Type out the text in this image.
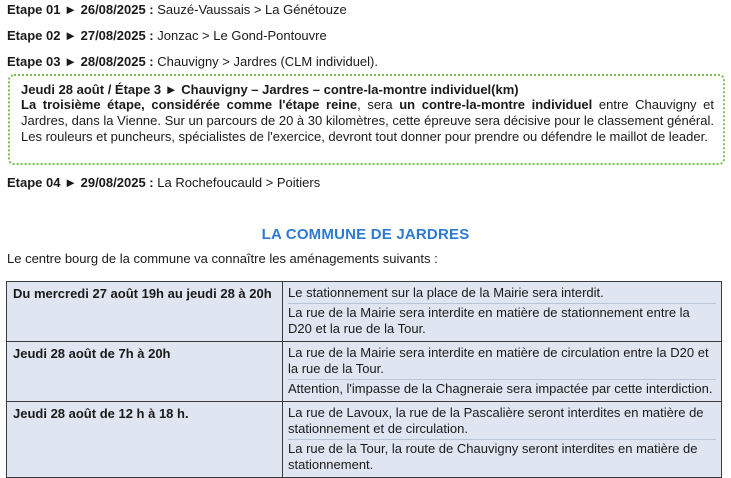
Etape 01 ► 26/08/2025 : Sauzé-Vaussais > La Génétouze
Etape 02 ► 27/08/2025 : Jonzac > Le Gond-Pontouvre
Etape 03 ► 28/08/2025 : Chauvigny > Jardres (CLM individuel).
Jeudi 28 août / Étape 3 ► Chauvigny – Jardres – contre-la-montre individuel(km)
La troisième étape, considérée comme l'étape reine, sera un contre-la-montre individuel entre Chauvigny et Jardres, dans la Vienne. Sur un parcours de 20 à 30 kilomètres, cette épreuve sera décisive pour le classement général. Les rouleurs et puncheurs, spécialistes de l'exercice, devront tout donner pour prendre ou défendre le maillot de leader.
Etape 04 ► 29/08/2025 : La Rochefoucauld > Poitiers
LA COMMUNE DE JARDRES
Le centre bourg de la commune va connaître les aménagements suivants :
Du mercredi 27 août 19h au jeudi 28 à 20h	Le stationnement sur la place de la Mairie sera interdit.

La rue de la Mairie sera interdite en matière de stationnement entre la D20 et la rue de la Tour.

Jeudi 28 août de 7h à 20h	La rue de la Mairie sera interdite en matière de circulation entre la D20 et la rue de la Tour.

Attention, l'impasse de la Chagneraie sera impactée par cette interdiction.

Jeudi 28 août de 12 h à 18 h.	La rue de Lavoux, la rue de la Pascalière seront interdites en matière de stationnement et de circulation.

La rue de la Tour, la route de Chauvigny seront interdites en matière de stationnement.
